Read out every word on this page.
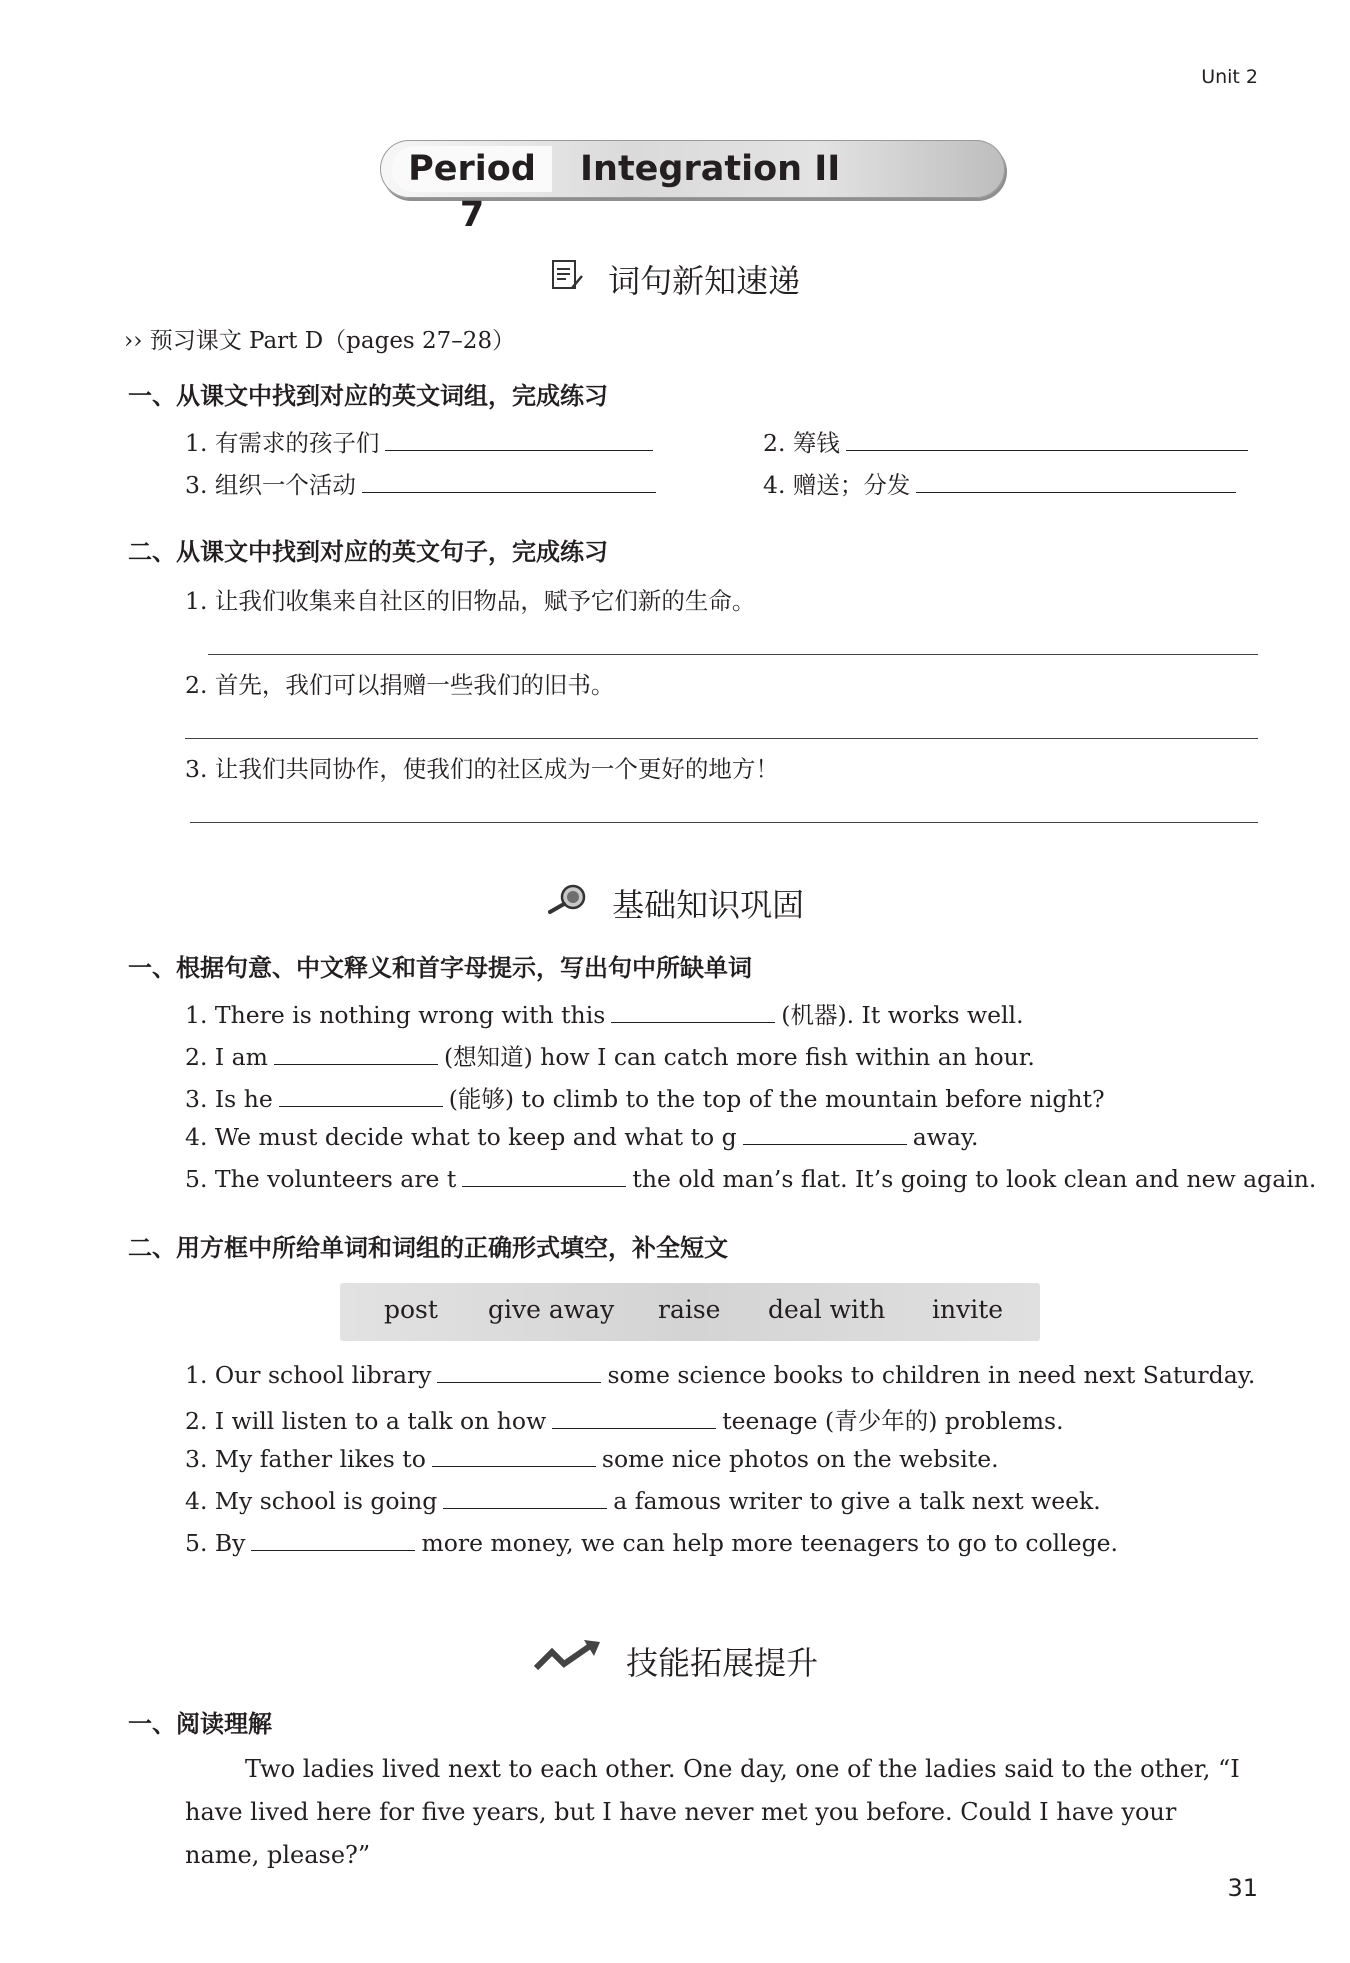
Unit 2
Period 7
Integration II
词句新知速递
›› 预习课文 Part D（pages 27–28）
一、从课文中找到对应的英文词组，完成练习
1. 有需求的孩子们	2. 筹钱
3. 组织一个活动	4. 赠送；分发
二、从课文中找到对应的英文句子，完成练习
1. 让我们收集来自社区的旧物品，赋予它们新的生命。
2. 首先，我们可以捐赠一些我们的旧书。
3. 让我们共同协作，使我们的社区成为一个更好的地方！
基础知识巩固
一、根据句意、中文释义和首字母提示，写出句中所缺单词
1. There is nothing wrong with this	(机器). It works well.
2. I am	(想知道) how I can catch more fish within an hour.
3. Is he	(能够) to climb to the top of the mountain before night?
4. We must decide what to keep and what to g	away.
5. The volunteers are t	the old man’s flat. It’s going to look clean and new again.
二、用方框中所给单词和词组的正确形式填空，补全短文
post give away raise deal with invite
1. Our school library	some science books to children in need next Saturday.
2. I will listen to a talk on how	teenage (青少年的) problems.
3. My father likes to	some nice photos on the website.
4. My school is going	a famous writer to give a talk next week.
5. By	more money, we can help more teenagers to go to college.
技能拓展提升
一、阅读理解
Two ladies lived next to each other. One day, one of the ladies said to the other, “I have lived here for five years, but I have never met you before. Could I have your name, please?”
31
